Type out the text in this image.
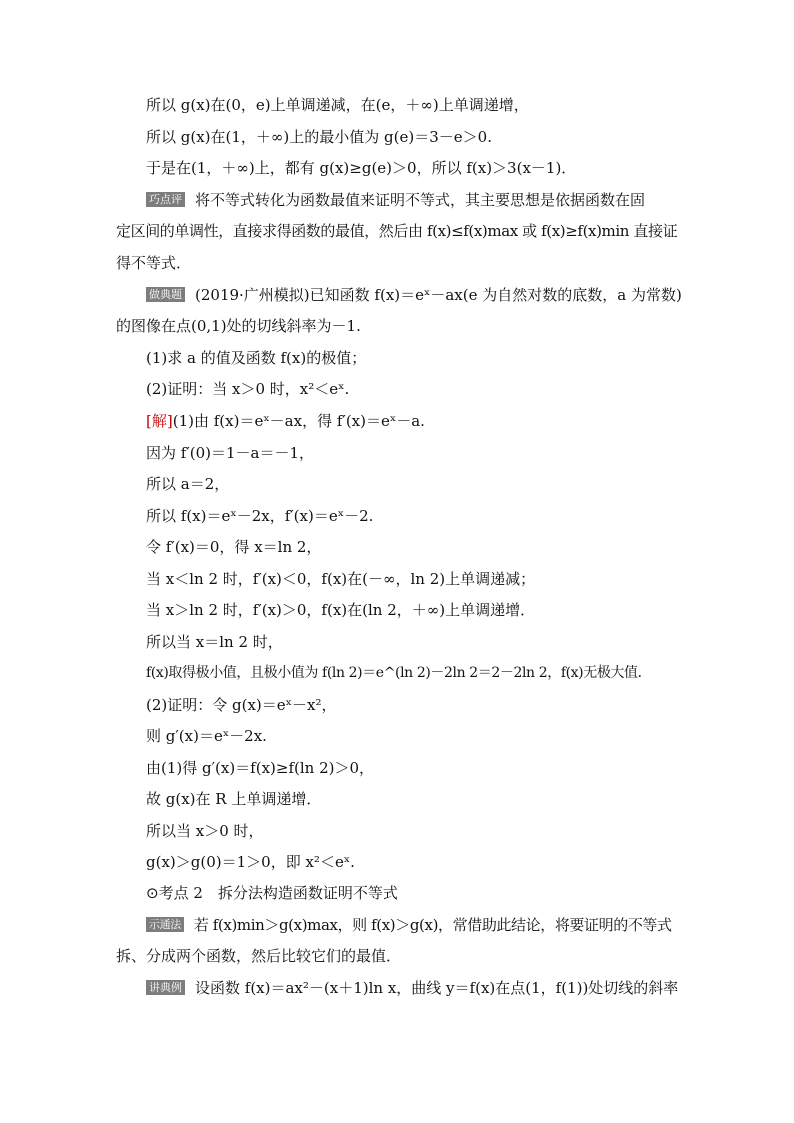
所以 g(x)在(0，e)上单调递减，在(e，＋∞)上单调递增，
所以 g(x)在(1，＋∞)上的最小值为 g(e)＝3－e＞0.
于是在(1，＋∞)上，都有 g(x)≥g(e)＞0，所以 f(x)＞3(x－1)．
巧点评 将不等式转化为函数最值来证明不等式，其主要思想是依据函数在固
定区间的单调性，直接求得函数的最值，然后由 f(x)≤f(x)max 或 f(x)≥f(x)min 直接证
得不等式．
做典题 (2019·广州模拟)已知函数 f(x)＝eˣ－ax(e 为自然对数的底数，a 为常数)
的图像在点(0,1)处的切线斜率为－1.
(1)求 a 的值及函数 f(x)的极值；
(2)证明：当 x＞0 时，x²＜eˣ.
[解](1)由 f(x)＝eˣ－ax，得 f′(x)＝eˣ－a.
因为 f′(0)＝1－a＝－1，
所以 a＝2，
所以 f(x)＝eˣ－2x，f′(x)＝eˣ－2.
令 f′(x)＝0，得 x＝ln 2，
当 x＜ln 2 时，f′(x)＜0，f(x)在(－∞，ln 2)上单调递减；
当 x＞ln 2 时，f′(x)＞0，f(x)在(ln 2，＋∞)上单调递增．
所以当 x＝ln 2 时，
f(x)取得极小值，且极小值为 f(ln 2)＝e^(ln 2)－2ln 2＝2－2ln 2，f(x)无极大值．
(2)证明：令 g(x)＝eˣ－x²，
则 g′(x)＝eˣ－2x.
由(1)得 g′(x)＝f(x)≥f(ln 2)＞0，
故 g(x)在 R 上单调递增．
所以当 x＞0 时，
g(x)＞g(0)＝1＞0，即 x²＜eˣ.
⊙考点 2　拆分法构造函数证明不等式
示通法 若 f(x)min＞g(x)max，则 f(x)＞g(x)，常借助此结论，将要证明的不等式
拆、分成两个函数，然后比较它们的最值．
讲典例 设函数 f(x)＝ax²－(x＋1)ln x，曲线 y＝f(x)在点(1，f(1))处切线的斜率
